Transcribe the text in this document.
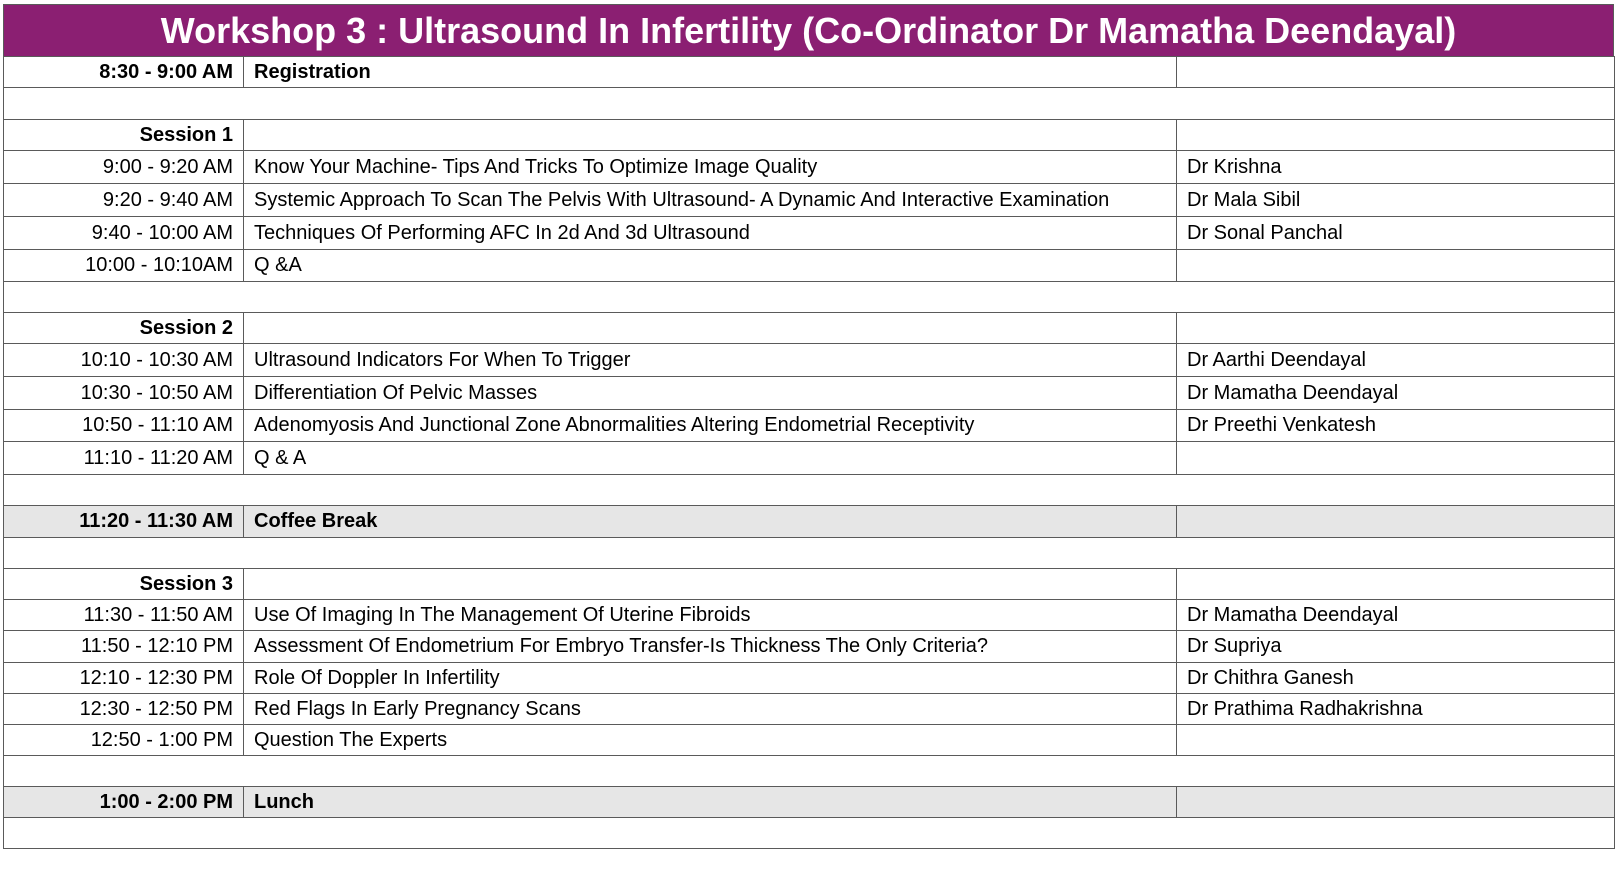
Workshop 3 : Ultrasound In Infertility (Co-Ordinator Dr Mamatha Deendayal)
8:30 - 9:00 AM	Registration	

Session 1		
9:00 - 9:20 AM	Know Your Machine- Tips And Tricks To Optimize Image Quality	Dr Krishna
9:20 - 9:40 AM	Systemic Approach To Scan The Pelvis With Ultrasound- A Dynamic And Interactive Examination	Dr Mala Sibil
9:40 - 10:00 AM	Techniques Of Performing AFC In 2d And 3d Ultrasound	Dr Sonal Panchal
10:00 - 10:10AM	Q &A	

Session 2		
10:10 - 10:30 AM	Ultrasound Indicators For When To Trigger	Dr Aarthi Deendayal
10:30 - 10:50 AM	Differentiation Of Pelvic Masses	Dr Mamatha Deendayal
10:50 - 11:10 AM	Adenomyosis And Junctional Zone Abnormalities Altering Endometrial Receptivity	Dr Preethi Venkatesh
11:10 - 11:20 AM	Q & A	

11:20 - 11:30 AM	Coffee Break	

Session 3		
11:30 - 11:50 AM	Use Of Imaging In The Management Of Uterine Fibroids	Dr Mamatha Deendayal
11:50 - 12:10 PM	Assessment Of Endometrium For Embryo Transfer-Is Thickness The Only Criteria?	Dr Supriya
12:10 - 12:30 PM	Role Of Doppler In Infertility	Dr Chithra Ganesh
12:30 - 12:50 PM	Red Flags In Early Pregnancy Scans	Dr Prathima Radhakrishna
12:50 - 1:00 PM	Question The Experts	

1:00 - 2:00 PM	Lunch	
